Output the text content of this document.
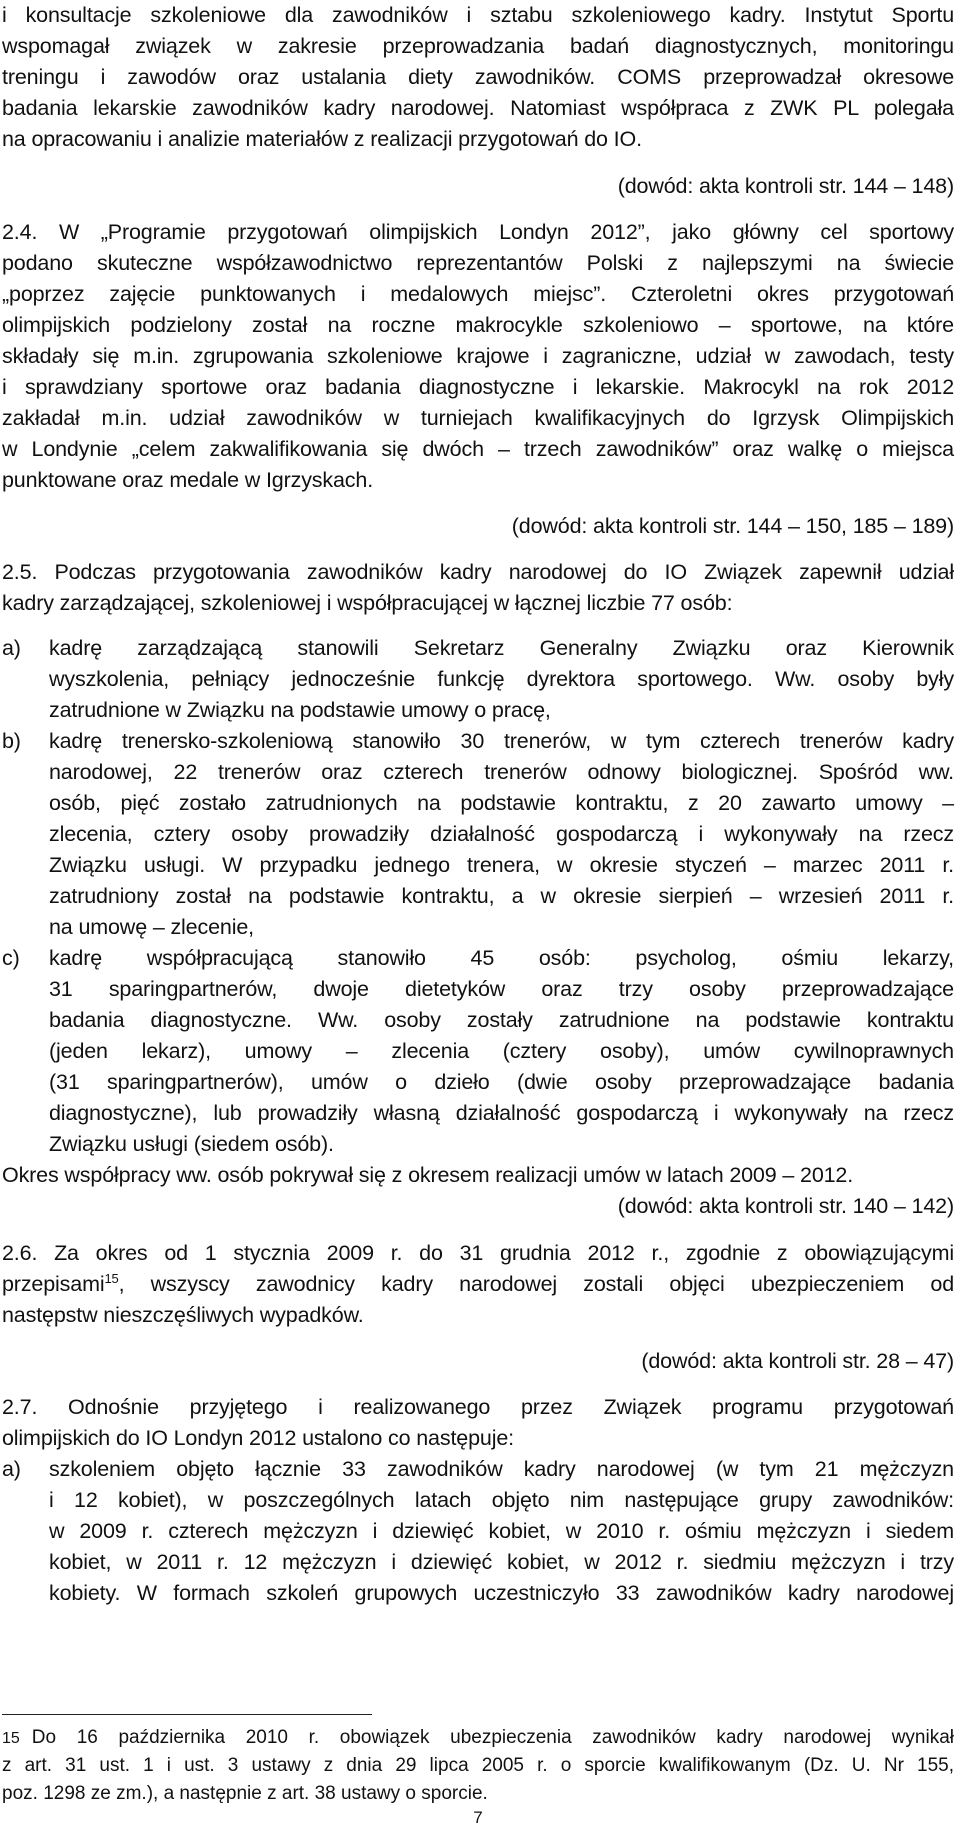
i konsultacje szkoleniowe dla zawodników i sztabu szkoleniowego kadry. Instytut Sportu
wspomagał związek w zakresie przeprowadzania badań diagnostycznych, monitoringu
treningu i zawodów oraz ustalania diety zawodników. COMS przeprowadzał okresowe
badania lekarskie zawodników kadry narodowej. Natomiast współpraca z ZWK PL polegała
na opracowaniu i analizie materiałów z realizacji przygotowań do IO.
(dowód: akta kontroli str. 144 – 148)
2.4. W „Programie przygotowań olimpijskich Londyn 2012”, jako główny cel sportowy
podano skuteczne współzawodnictwo reprezentantów Polski z najlepszymi na świecie
„poprzez zajęcie punktowanych i medalowych miejsc”. Czteroletni okres przygotowań
olimpijskich podzielony został na roczne makrocykle szkoleniowo – sportowe, na które
składały się m.in. zgrupowania szkoleniowe krajowe i zagraniczne, udział w zawodach, testy
i sprawdziany sportowe oraz badania diagnostyczne i lekarskie. Makrocykl na rok 2012
zakładał m.in. udział zawodników w turniejach kwalifikacyjnych do Igrzysk Olimpijskich
w Londynie „celem zakwalifikowania się dwóch – trzech zawodników” oraz walkę o miejsca
punktowane oraz medale w Igrzyskach.
(dowód: akta kontroli str. 144 – 150, 185 – 189)
2.5. Podczas przygotowania zawodników kadry narodowej do IO Związek zapewnił udział
kadry zarządzającej, szkoleniowej i współpracującej w łącznej liczbie 77 osób:
a)	kadrę zarządzającą stanowili Sekretarz Generalny Związku oraz Kierownik
wyszkolenia, pełniący jednocześnie funkcję dyrektora sportowego. Ww. osoby były
zatrudnione w Związku na podstawie umowy o pracę,
b)	kadrę trenersko-szkoleniową stanowiło 30 trenerów, w tym czterech trenerów kadry
narodowej, 22 trenerów oraz czterech trenerów odnowy biologicznej. Spośród ww.
osób, pięć zostało zatrudnionych na podstawie kontraktu, z 20 zawarto umowy –
zlecenia, cztery osoby prowadziły działalność gospodarczą i wykonywały na rzecz
Związku usługi. W przypadku jednego trenera, w okresie styczeń – marzec 2011 r.
zatrudniony został na podstawie kontraktu, a w okresie sierpień – wrzesień 2011 r.
na umowę – zlecenie,
c)	kadrę współpracującą stanowiło 45 osób: psycholog, ośmiu lekarzy,
31 sparingpartnerów, dwoje dietetyków oraz trzy osoby przeprowadzające
badania diagnostyczne. Ww. osoby zostały zatrudnione na podstawie kontraktu
(jeden lekarz), umowy – zlecenia (cztery osoby), umów cywilnoprawnych
(31 sparingpartnerów), umów o dzieło (dwie osoby przeprowadzające badania
diagnostyczne), lub prowadziły własną działalność gospodarczą i wykonywały na rzecz
Związku usługi (siedem osób).
Okres współpracy ww. osób pokrywał się z okresem realizacji umów w latach 2009 – 2012.
(dowód: akta kontroli str. 140 – 142)
2.6. Za okres od 1 stycznia 2009 r. do 31 grudnia 2012 r., zgodnie z obowiązującymi
przepisami$^{15}$, wszyscy zawodnicy kadry narodowej zostali objęci ubezpieczeniem od
następstw nieszczęśliwych wypadków.
(dowód: akta kontroli str. 28 – 47)
2.7. Odnośnie przyjętego i realizowanego przez Związek programu przygotowań
olimpijskich do IO Londyn 2012 ustalono co następuje:
a)	szkoleniem objęto łącznie 33 zawodników kadry narodowej (w tym 21 mężczyzn
i 12 kobiet), w poszczególnych latach objęto nim następujące grupy zawodników:
w 2009 r. czterech mężczyzn i dziewięć kobiet, w 2010 r. ośmiu mężczyzn i siedem
kobiet, w 2011 r. 12 mężczyzn i dziewięć kobiet, w 2012 r. siedmiu mężczyzn i trzy
kobiety. W formach szkoleń grupowych uczestniczyło 33 zawodników kadry narodowej
15 Do 16 października 2010 r. obowiązek ubezpieczenia zawodników kadry narodowej wynikał
z art. 31 ust. 1 i ust. 3 ustawy z dnia 29 lipca 2005 r. o sporcie kwalifikowanym (Dz. U. Nr 155,
poz. 1298 ze zm.), a następnie z art. 38 ustawy o sporcie.
7
